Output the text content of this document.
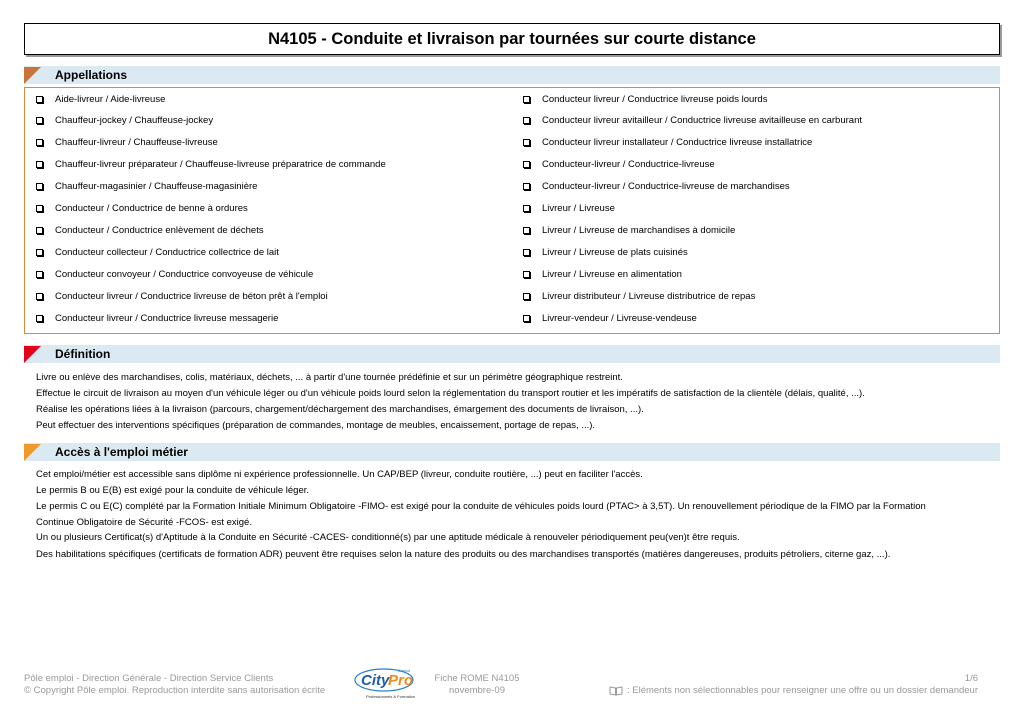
N4105 - Conduite et livraison par tournées sur courte distance
Appellations
Aide-livreur / Aide-livreuse
Chauffeur-jockey / Chauffeuse-jockey
Chauffeur-livreur / Chauffeuse-livreuse
Chauffeur-livreur préparateur / Chauffeuse-livreuse préparatrice de commande
Chauffeur-magasinier / Chauffeuse-magasinière
Conducteur / Conductrice de benne à ordures
Conducteur / Conductrice enlèvement de déchets
Conducteur collecteur / Conductrice collectrice de lait
Conducteur convoyeur / Conductrice convoyeuse de véhicule
Conducteur livreur / Conductrice livreuse de béton prêt à l'emploi
Conducteur livreur / Conductrice livreuse messagerie
Conducteur livreur / Conductrice livreuse poids lourds
Conducteur livreur avitailleur / Conductrice livreuse avitailleuse en carburant
Conducteur livreur installateur / Conductrice livreuse installatrice
Conducteur-livreur / Conductrice-livreuse
Conducteur-livreur / Conductrice-livreuse de marchandises
Livreur / Livreuse
Livreur / Livreuse de marchandises à domicile
Livreur / Livreuse de plats cuisinés
Livreur / Livreuse en alimentation
Livreur distributeur / Livreuse distributrice de repas
Livreur-vendeur / Livreuse-vendeuse
Définition
Livre ou enlève des marchandises, colis, matériaux, déchets, ... à partir d'une tournée prédéfinie et sur un périmètre géographique restreint.
Effectue le circuit de livraison au moyen d'un véhicule léger ou d'un véhicule poids lourd selon la réglementation du transport routier et les impératifs de satisfaction de la clientèle (délais, qualité, ...).
Réalise les opérations liées à la livraison (parcours, chargement/déchargement des marchandises, émargement des documents de livraison, ...).
Peut effectuer des interventions spécifiques (préparation de commandes, montage de meubles, encaissement, portage de repas, ...).
Accès à l'emploi métier
Cet emploi/métier est accessible sans diplôme ni expérience professionnelle. Un CAP/BEP (livreur, conduite routière, ...) peut en faciliter l'accès.
Le permis B ou E(B) est exigé pour la conduite de véhicule léger.
Le permis C ou E(C) complété par la Formation Initiale Minimum Obligatoire -FIMO- est exigé pour la conduite de véhicules poids lourd (PTAC> à 3,5T). Un renouvellement périodique de la FIMO par la Formation
Continue Obligatoire de Sécurité -FCOS- est exigé.
Un ou plusieurs Certificat(s) d'Aptitude à la Conduite en Sécurité -CACES- conditionné(s) par une aptitude médicale à renouveler périodiquement peu(ven)t être requis.
Des habilitations spécifiques (certificats de formation ADR) peuvent être requises selon la nature des produits ou des marchandises transportés (matières dangereuses, produits pétroliers, citerne gaz, ...).
Pôle emploi - Direction Générale - Direction Service Clients
© Copyright Pôle emploi. Reproduction interdite sans autorisation écrite
City
Pro
Emploi
Professionnels & Formation
Fiche ROME N4105
novembre-09
1/6
: Eléments non sélectionnables pour renseigner une offre ou un dossier demandeur
